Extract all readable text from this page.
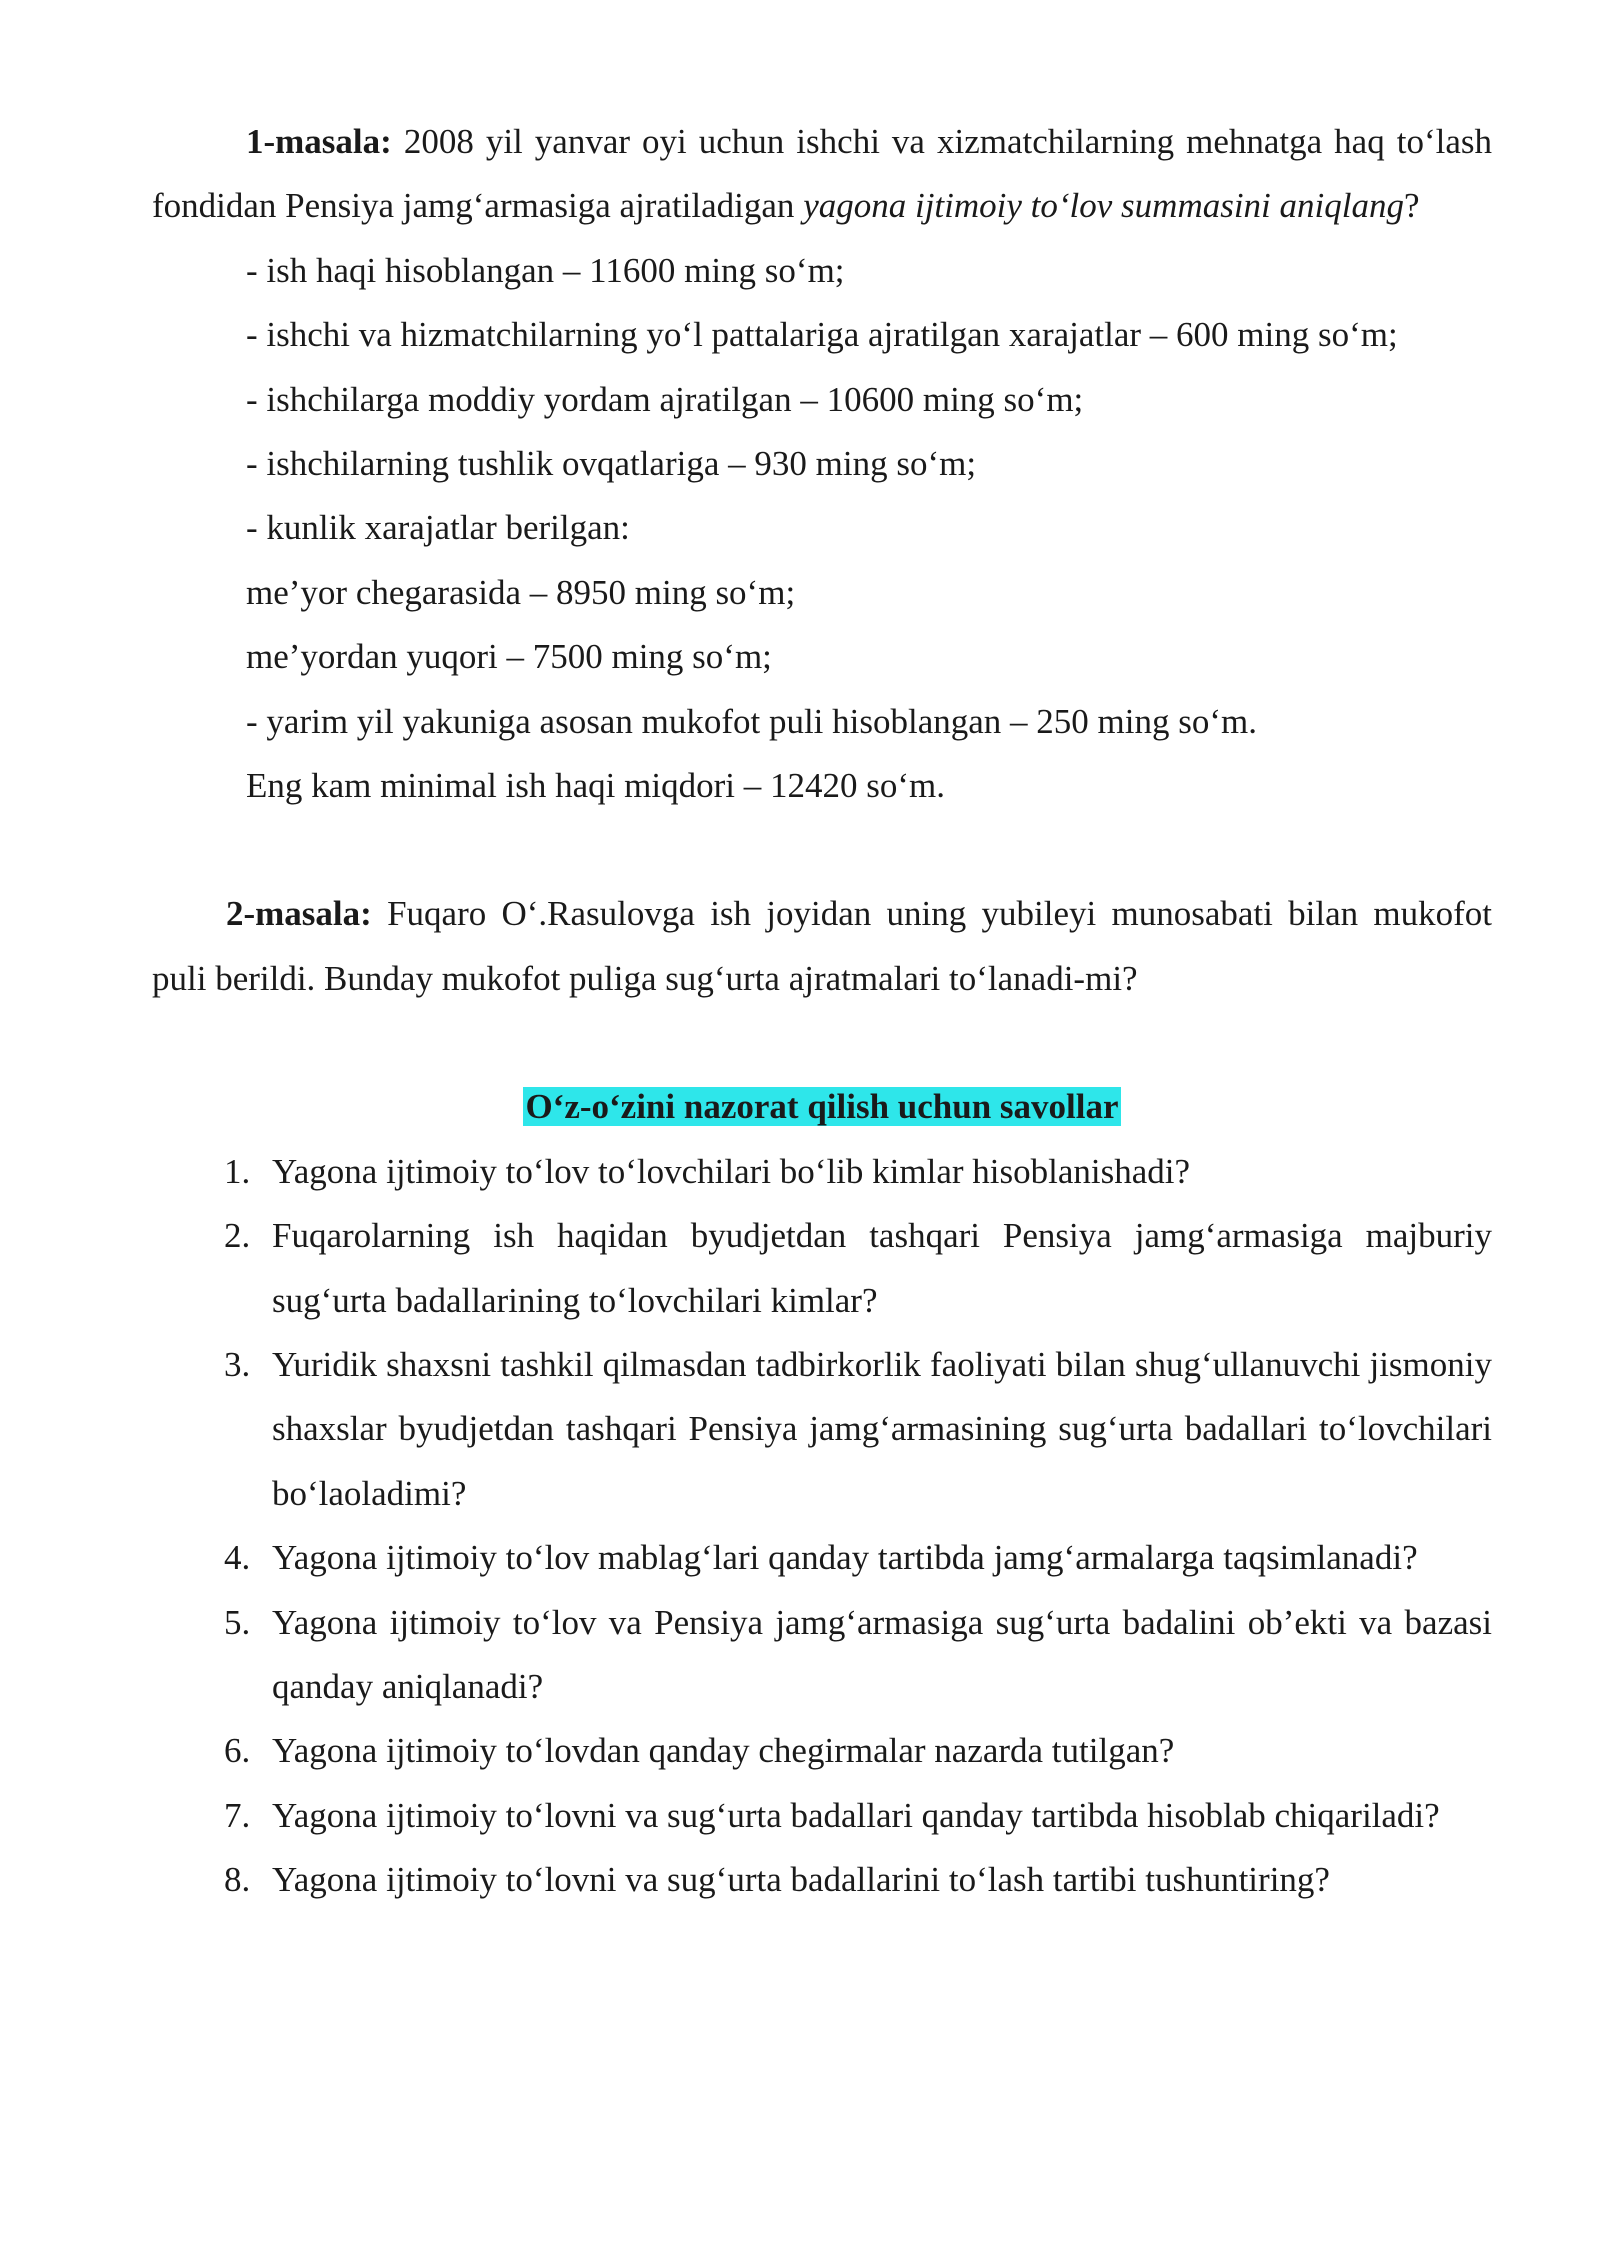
1-masala: 2008 yil yanvar oyi uchun ishchi va xizmatchilarning mehnatga haq to‘lash fondidan Pensiya jamg‘armasiga ajratiladigan yagona ijtimoiy to‘lov summasini aniqlang?

- ish haqi hisoblangan – 11600 ming so‘m;

- ishchi va hizmatchilarning yo‘l pattalariga ajratilgan xarajatlar – 600 ming so‘m;

- ishchilarga moddiy yordam ajratilgan – 10600 ming so‘m;

- ishchilarning tushlik ovqatlariga – 930 ming so‘m;

- kunlik xarajatlar berilgan:

me’yor chegarasida – 8950 ming so‘m;

me’yordan yuqori – 7500 ming so‘m;

- yarim yil yakuniga asosan mukofot puli hisoblangan – 250 ming so‘m.

Eng kam minimal ish haqi miqdori – 12420 so‘m.

2-masala: Fuqaro O‘.Rasulovga ish joyidan uning yubileyi munosabati bilan mukofot puli berildi. Bunday mukofot puliga sug‘urta ajratmalari to‘lanadi-mi?

O‘z-o‘zini nazorat qilish uchun savollar

1. Yagona ijtimoiy to‘lov to‘lovchilari bo‘lib kimlar hisoblanishadi?
2. Fuqarolarning ish haqidan byudjetdan tashqari Pensiya jamg‘armasiga majburiy sug‘urta badallarining to‘lovchilari kimlar?
3. Yuridik shaxsni tashkil qilmasdan tadbirkorlik faoliyati bilan shug‘ullanuvchi jismoniy shaxslar byudjetdan tashqari Pensiya jamg‘armasining sug‘urta badallari to‘lovchilari bo‘laoladimi?
4. Yagona ijtimoiy to‘lov mablag‘lari qanday tartibda jamg‘armalarga taqsimlanadi?
5. Yagona ijtimoiy to‘lov va Pensiya jamg‘armasiga sug‘urta badalini ob’ekti va bazasi qanday aniqlanadi?
6. Yagona ijtimoiy to‘lovdan qanday chegirmalar nazarda tutilgan?
7. Yagona ijtimoiy to‘lovni va sug‘urta badallari qanday tartibda hisoblab chiqariladi?
8. Yagona ijtimoiy to‘lovni va sug‘urta badallarini to‘lash tartibi tushuntiring?
